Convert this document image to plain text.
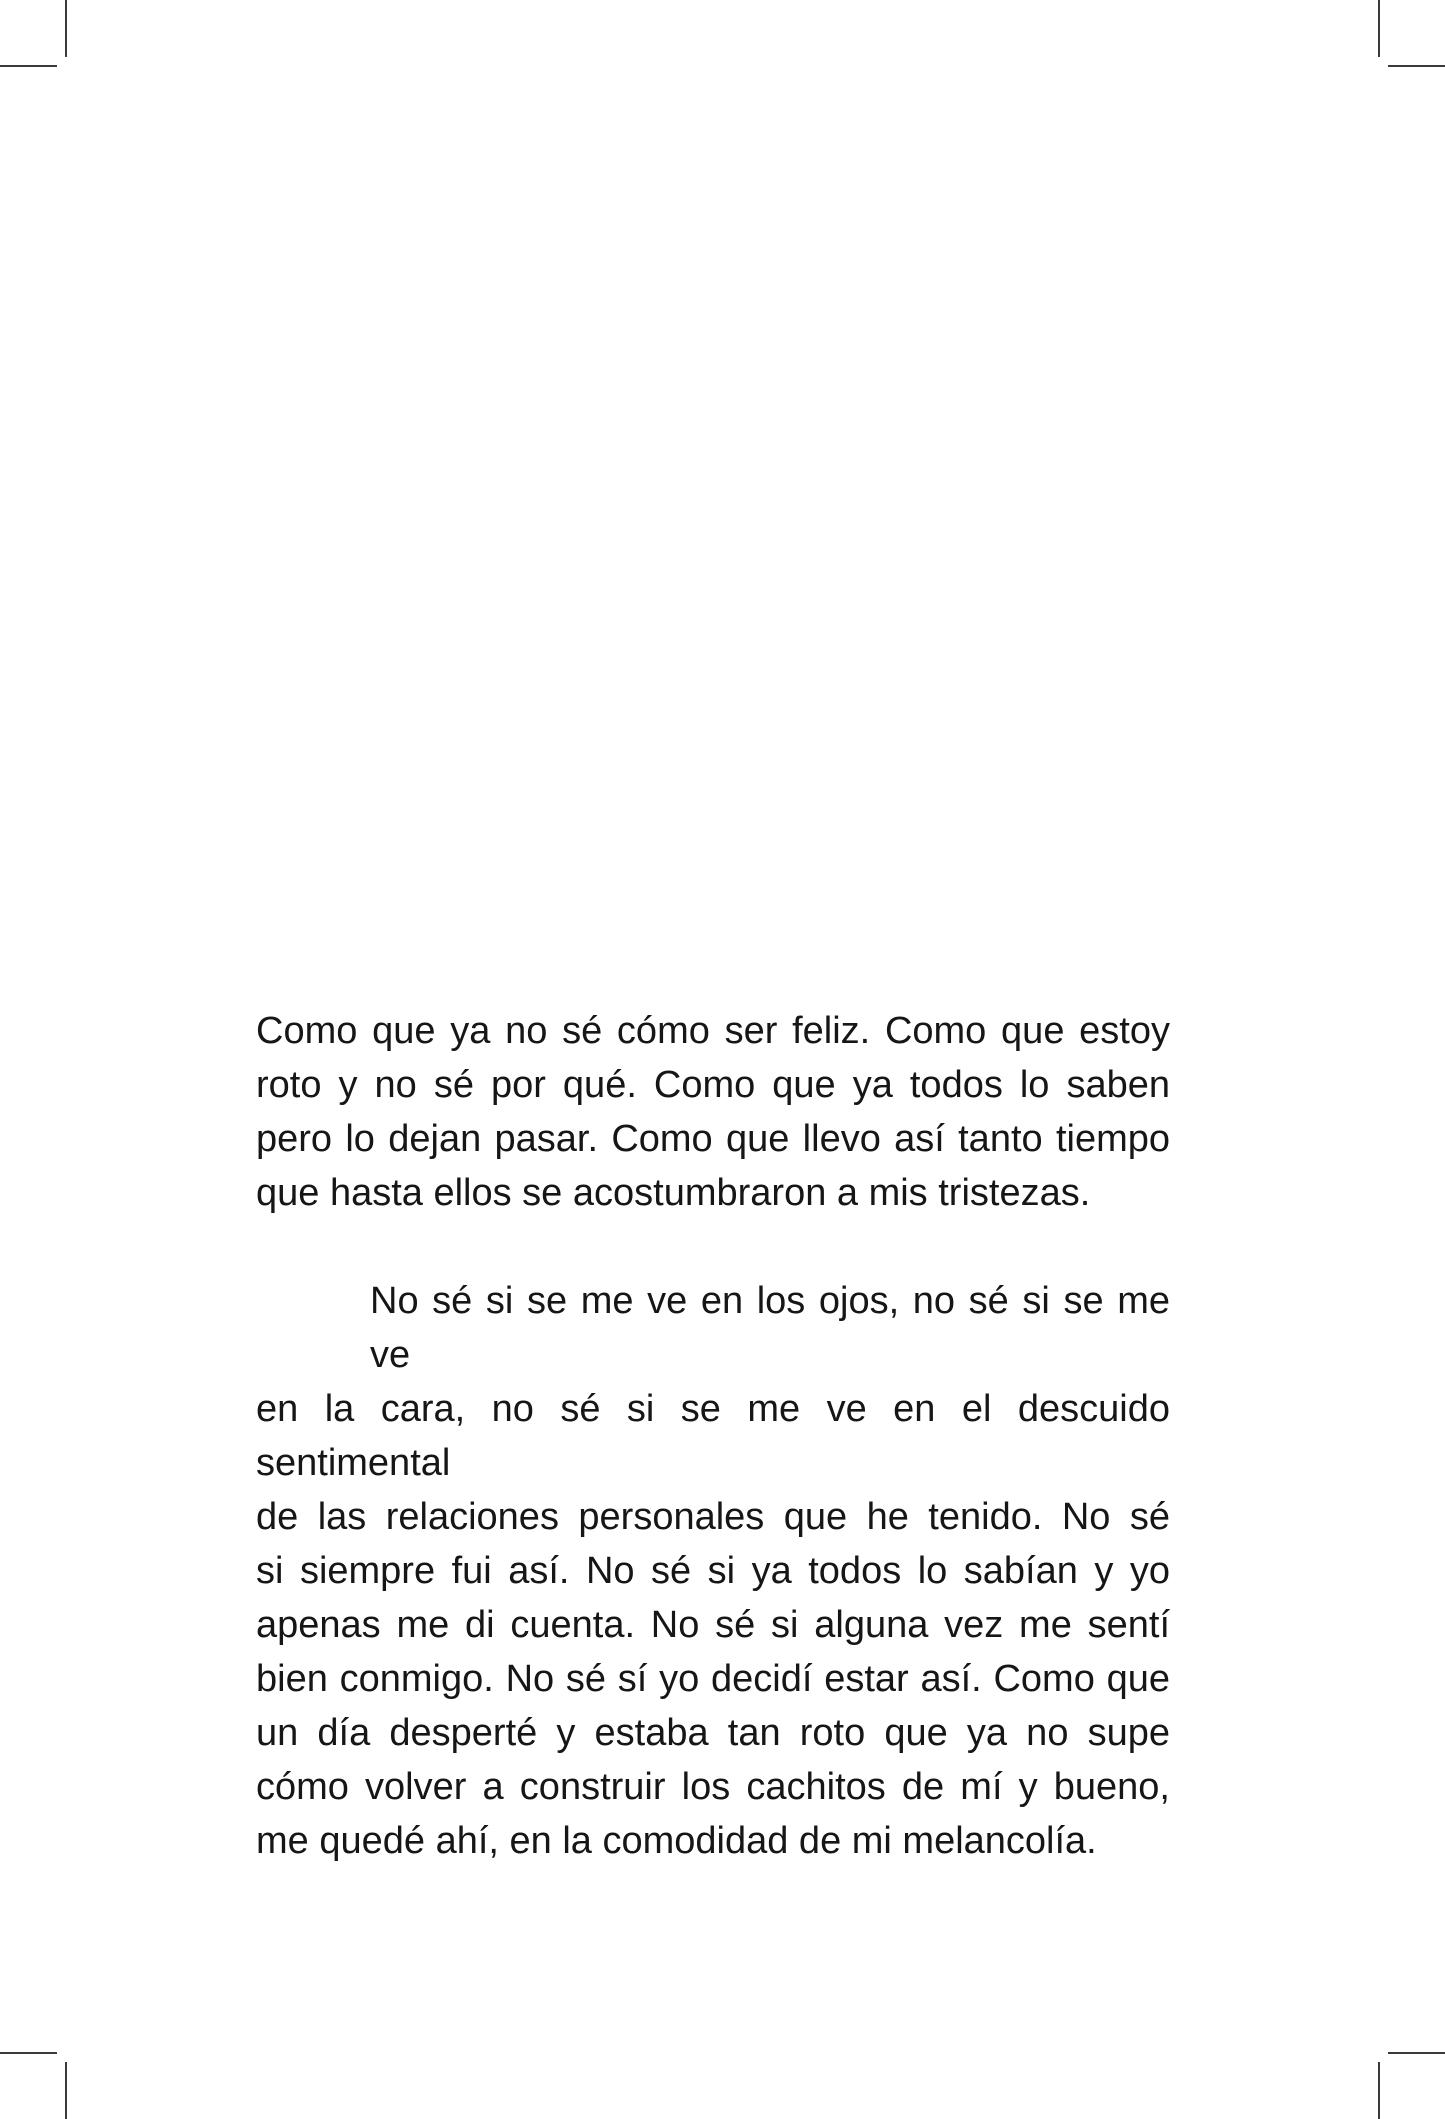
Como que ya no sé cómo ser feliz. Como que estoy
roto y no sé por qué. Como que ya todos lo saben
pero lo dejan pasar. Como que llevo así tanto tiempo
que hasta ellos se acostumbraron a mis tristezas.

No sé si se me ve en los ojos, no sé si se me ve
en la cara, no sé si se me ve en el descuido sentimental
de las relaciones personales que he tenido. No sé
si siempre fui así. No sé si ya todos lo sabían y yo
apenas me di cuenta. No sé si alguna vez me sentí
bien conmigo. No sé sí yo decidí estar así. Como que
un día desperté y estaba tan roto que ya no supe
cómo volver a construir los cachitos de mí y bueno,
me quedé ahí, en la comodidad de mi melancolía.
